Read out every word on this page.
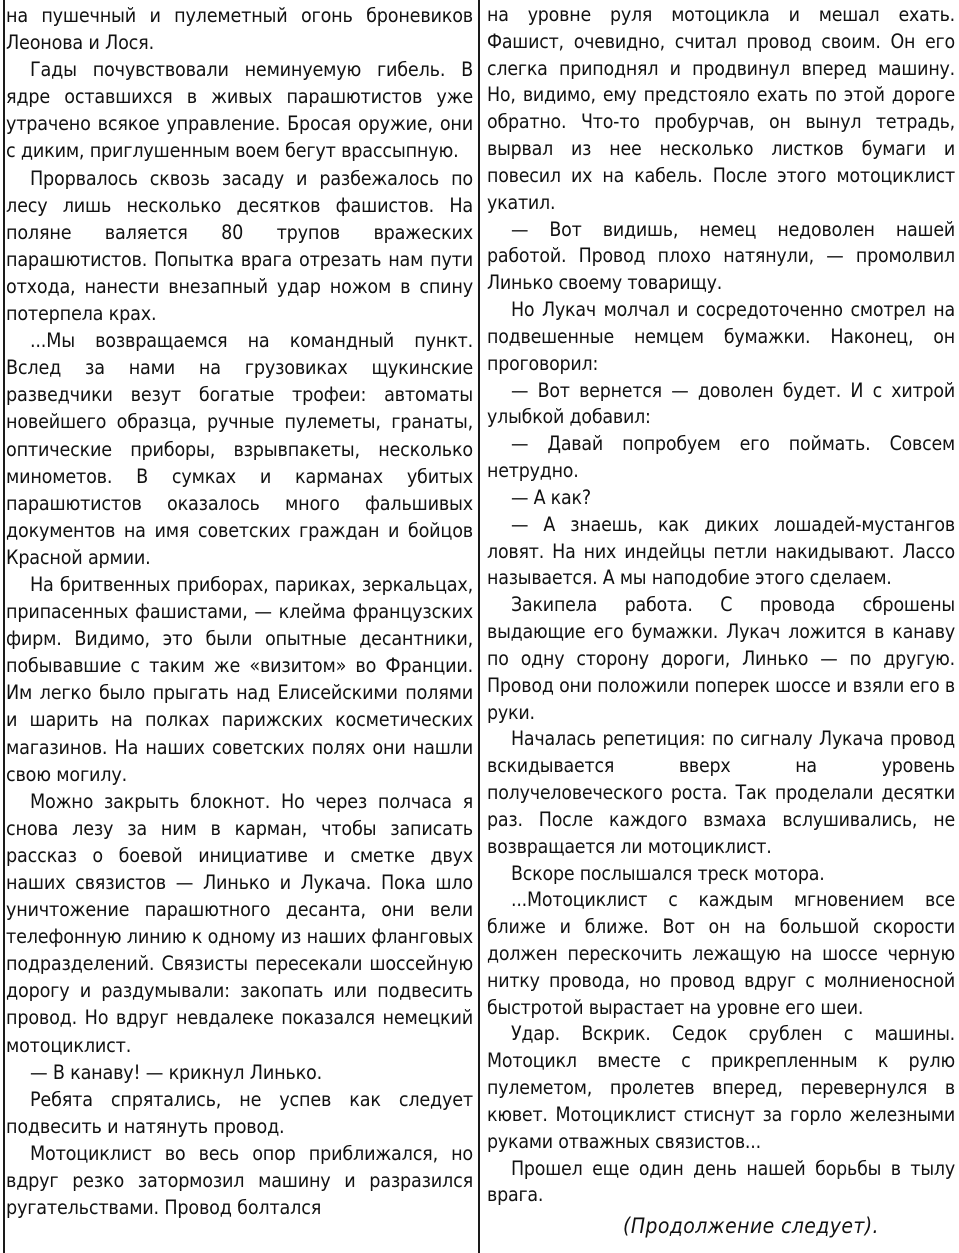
на пушечный и пулеметный огонь броневиков Леонова и Лося.

Гады почувствовали неминуемую гибель. В ядре оставшихся в живых парашютистов уже утрачено всякое управление. Бросая оружие, они с диким, приглушенным воем бегут врассыпную.

Прорвалось сквозь засаду и разбежалось по лесу лишь несколько десятков фашистов. На поляне валяется 80 трупов вражеских парашютистов. Попытка врага отрезать нам пути отхода, нанести внезапный удар ножом в спину потерпела крах.

...Мы возвращаемся на командный пункт. Вслед за нами на грузовиках щукинские разведчики везут богатые трофеи: автоматы новейшего образца, ручные пулеметы, гранаты, оптические приборы, взрывпакеты, несколько минометов. В сумках и карманах убитых парашютистов оказалось много фальшивых документов на имя советских граждан и бойцов Красной армии.

На бритвенных приборах, париках, зеркальцах, припасенных фашистами, — клейма французских фирм. Видимо, это были опытные десантники, побывавшие с таким же «визитом» во Франции. Им легко было прыгать над Елисейскими полями и шарить на полках парижских косметических магазинов. На наших советских полях они нашли свою могилу.

Можно закрыть блокнот. Но через полчаса я снова лезу за ним в карман, чтобы записать рассказ о боевой инициативе и сметке двух наших связистов — Линько и Лукача. Пока шло уничтожение парашютного десанта, они вели телефонную линию к одному из наших фланговых подразделений. Связисты пересекали шоссейную дорогу и раздумывали: закопать или подвесить провод. Но вдруг невдалеке показался немецкий мотоциклист.

— В канаву! — крикнул Линько.

Ребята спрятались, не успев как следует подвесить и натянуть провод.

Мотоциклист во весь опор приближался, но вдруг резко затормозил машину и разразился ругательствами. Провод болтался

на уровне руля мотоцикла и мешал ехать. Фашист, очевидно, считал провод своим. Он его слегка приподнял и продвинул вперед машину. Но, видимо, ему предстояло ехать по этой дороге обратно. Что-то пробурчав, он вынул тетрадь, вырвал из нее несколько листков бумаги и повесил их на кабель. После этого мотоциклист укатил.

— Вот видишь, немец недоволен нашей работой. Провод плохо натянули, — промолвил Линько своему товарищу.

Но Лукач молчал и сосредоточенно смотрел на подвешенные немцем бумажки. Наконец, он проговорил:

— Вот вернется — доволен будет. И с хитрой улыбкой добавил:

— Давай попробуем его поймать. Совсем нетрудно.

— А как?

— А знаешь, как диких лошадей-мустангов ловят. На них индейцы петли накидывают. Лассо называется. А мы наподобие этого сделаем.

Закипела работа. С провода сброшены выдающие его бумажки. Лукач ложится в канаву по одну сторону дороги, Линько — по другую. Провод они положили поперек шоссе и взяли его в руки.

Началась репетиция: по сигналу Лукача провод вскидывается вверх на уровень получеловеческого роста. Так проделали десятки раз. После каждого взмаха вслушивались, не возвращается ли мотоциклист.

Вскоре послышался треск мотора.

...Мотоциклист с каждым мгновением все ближе и ближе. Вот он на большой скорости должен перескочить лежащую на шоссе черную нитку провода, но провод вдруг с молниеносной быстротой вырастает на уровне его шеи.

Удар. Вскрик. Седок срублен с машины. Мотоцикл вместе с прикрепленным к рулю пулеметом, пролетев вперед, перевернулся в кювет. Мотоциклист стиснут за горло железными руками отважных связистов...

Прошел еще один день нашей борьбы в тылу врага.

(Продолжение следует).
